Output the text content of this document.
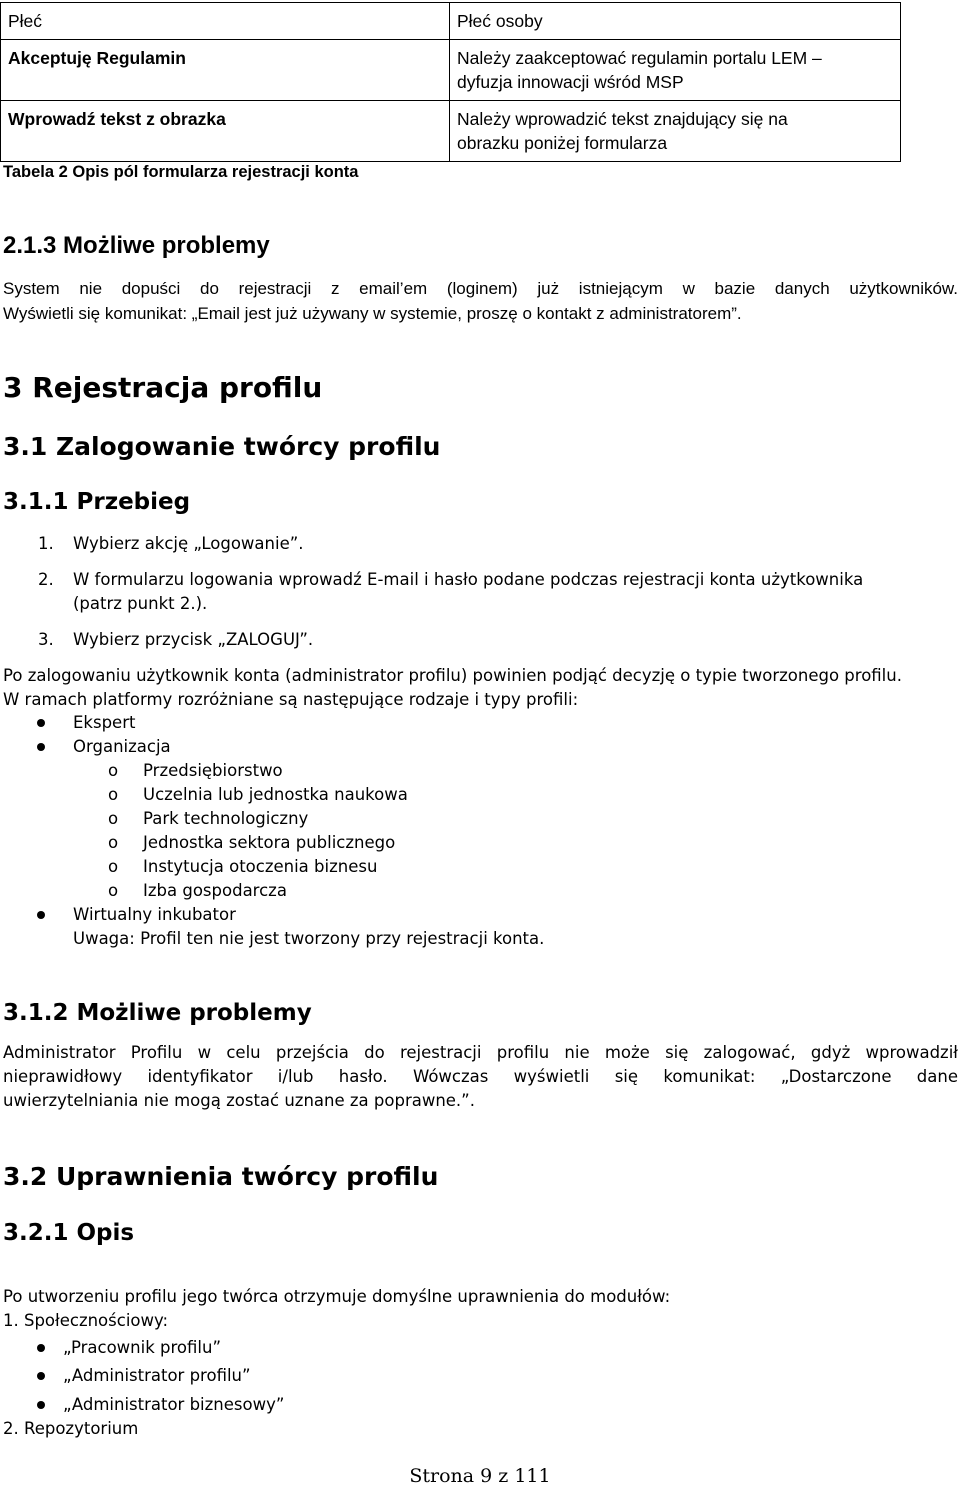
Płeć	Płeć osoby
Akceptuję Regulamin	Należy zaakceptować regulamin portalu LEM –
dyfuzja innowacji wśród MSP

Wprowadź tekst z obrazka	Należy wprowadzić tekst znajdujący się na
obrazku poniżej formularza
Tabela 2 Opis pól formularza rejestracji konta
2.1.3 Możliwe problemy
System nie dopuści do rejestracji z email’em (loginem) już istniejącym w bazie danych użytkowników.
Wyświetli się komunikat: „Email jest już używany w systemie, proszę o kontakt z administratorem”.
3 Rejestracja profilu
3.1 Zalogowanie twórcy profilu
3.1.1 Przebieg
1. Wybierz akcję „Logowanie”.
2. W formularzu logowania wprowadź E-mail i hasło podane podczas rejestracji konta użytkownika
(patrz punkt 2.).
3. Wybierz przycisk „ZALOGUJ”.
Po zalogowaniu użytkownik konta (administrator profilu) powinien podjąć decyzję o typie tworzonego profilu.
W ramach platformy rozróżniane są następujące rodzaje i typy profili:
Ekspert
Organizacja
o Przedsiębiorstwo
o Uczelnia lub jednostka naukowa
o Park technologiczny
o Jednostka sektora publicznego
o Instytucja otoczenia biznesu
o Izba gospodarcza
Wirtualny inkubator
Uwaga: Profil ten nie jest tworzony przy rejestracji konta.
3.1.2 Możliwe problemy
Administrator Profilu w celu przejścia do rejestracji profilu nie może się zalogować, gdyż wprowadził
nieprawidłowy identyfikator i/lub hasło. Wówczas wyświetli się komunikat: „Dostarczone dane
uwierzytelniania nie mogą zostać uznane za poprawne.”.
3.2 Uprawnienia twórcy profilu
3.2.1 Opis
Po utworzeniu profilu jego twórca otrzymuje domyślne uprawnienia do modułów:
1. Społecznościowy:
„Pracownik profilu”
„Administrator profilu”
„Administrator biznesowy”
2. Repozytorium
Strona 9 z 111
